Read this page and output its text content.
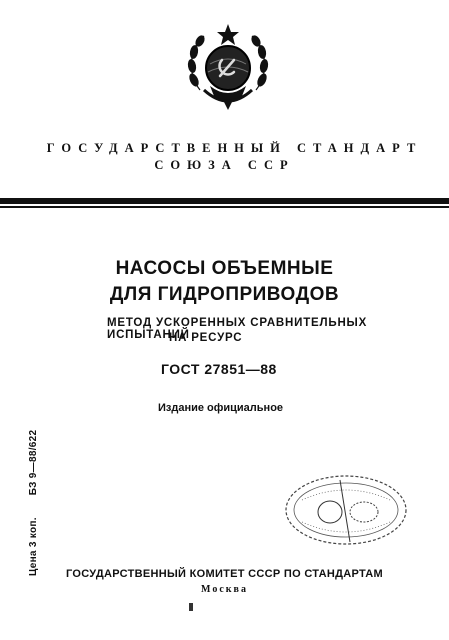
ГОСУДАРСТВЕННЫЙ СТАНДАРТ
СОЮЗА ССР
НАСОСЫ ОБЪЕМНЫЕ
ДЛЯ ГИДРОПРИВОДОВ
МЕТОД УСКОРЕННЫХ СРАВНИТЕЛЬНЫХ ИСПЫТАНИЙ
НА РЕСУРС
ГОСТ 27851—88
Издание официальное
Цена 3 коп.БЗ 9—88/622
ГОСУДАРСТВЕННЫЙ КОМИТЕТ СССР ПО СТАНДАРТАМ
Москва
